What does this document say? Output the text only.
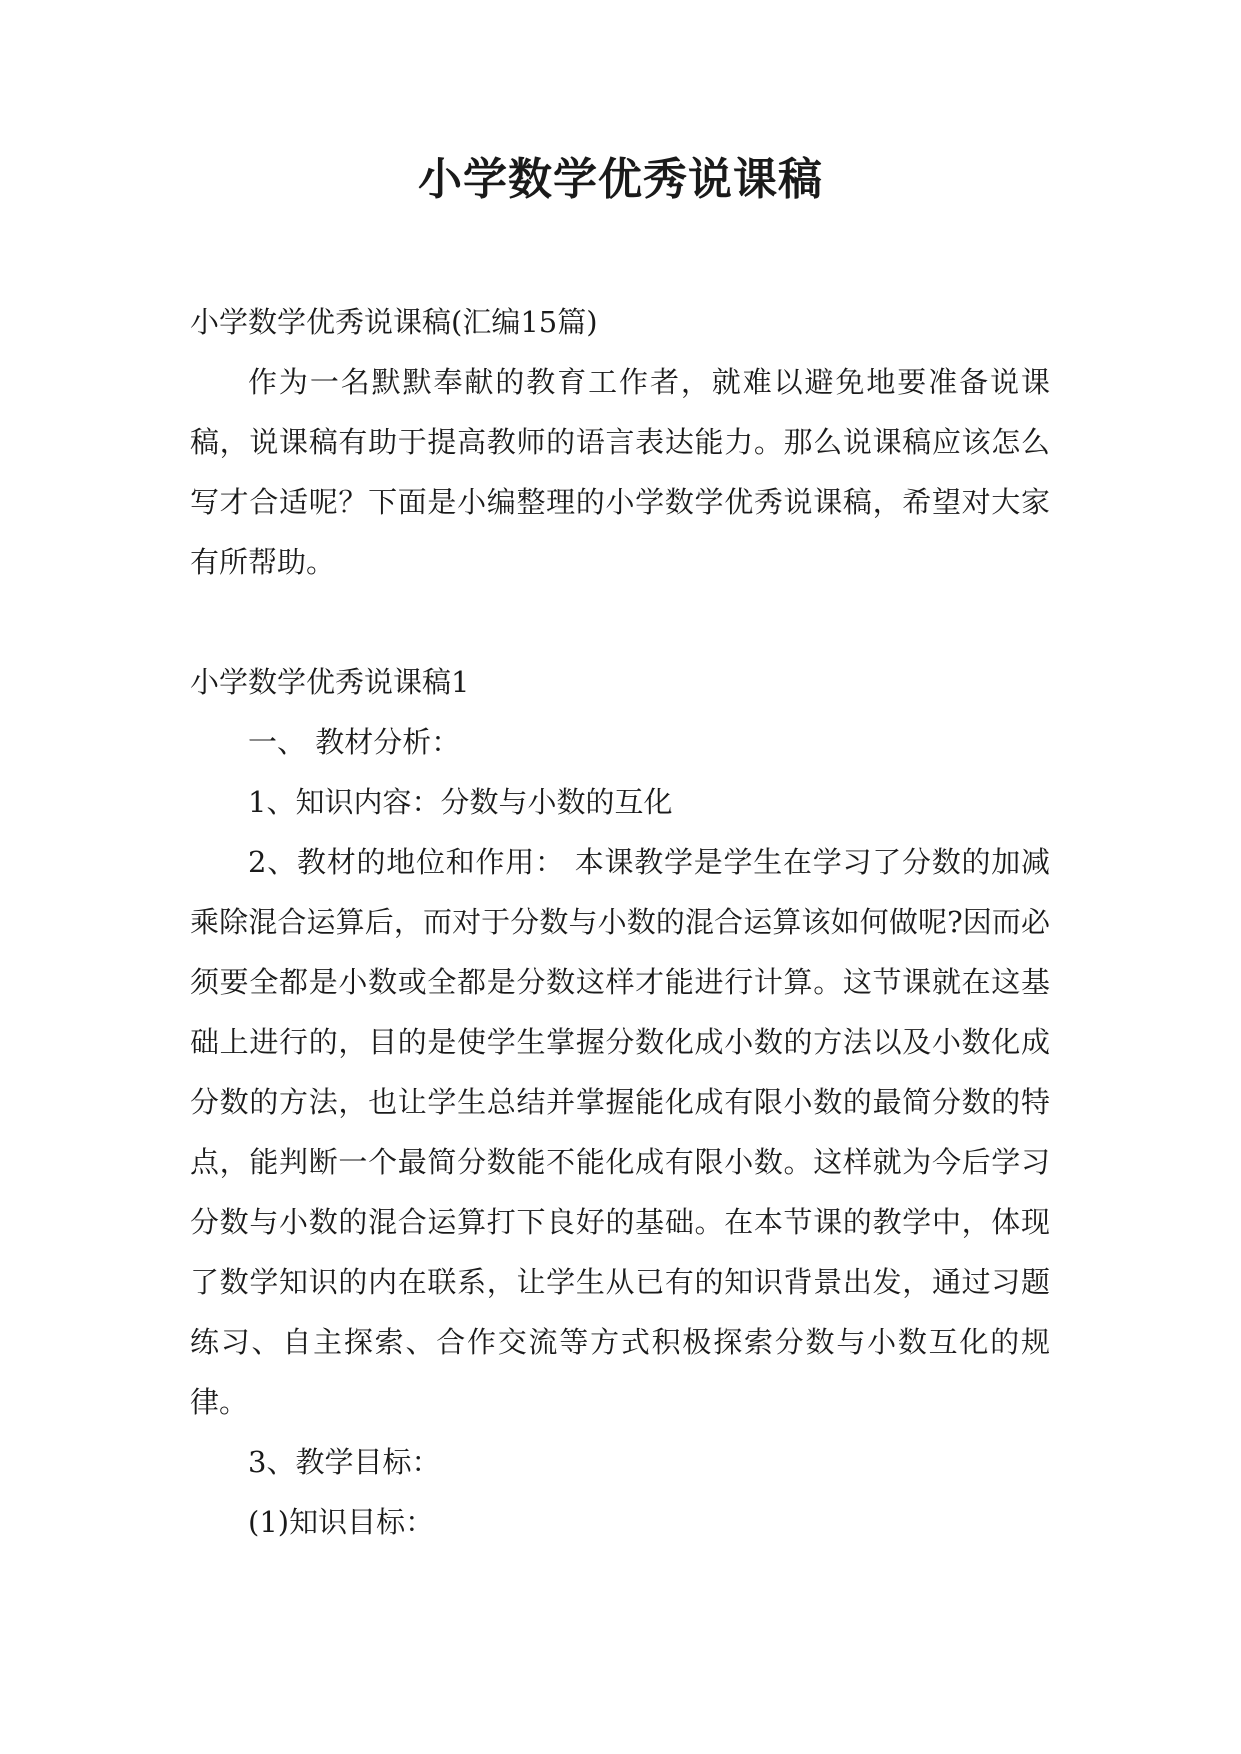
小学数学优秀说课稿

小学数学优秀说课稿(汇编15篇)

作为一名默默奉献的教育工作者，就难以避免地要准备说课稿，说课稿有助于提高教师的语言表达能力。那么说课稿应该怎么写才合适呢？下面是小编整理的小学数学优秀说课稿，希望对大家有所帮助。

小学数学优秀说课稿1

一、 教材分析：

1、知识内容：分数与小数的互化

2、教材的地位和作用： 本课教学是学生在学习了分数的加减乘除混合运算后，而对于分数与小数的混合运算该如何做呢?因而必须要全都是小数或全都是分数这样才能进行计算。这节课就在这基础上进行的，目的是使学生掌握分数化成小数的方法以及小数化成分数的方法，也让学生总结并掌握能化成有限小数的最简分数的特点，能判断一个最简分数能不能化成有限小数。这样就为今后学习分数与小数的混合运算打下良好的基础。在本节课的教学中，体现了数学知识的内在联系，让学生从已有的知识背景出发，通过习题练习、自主探索、合作交流等方式积极探索分数与小数互化的规律。

3、教学目标：

(1)知识目标：
